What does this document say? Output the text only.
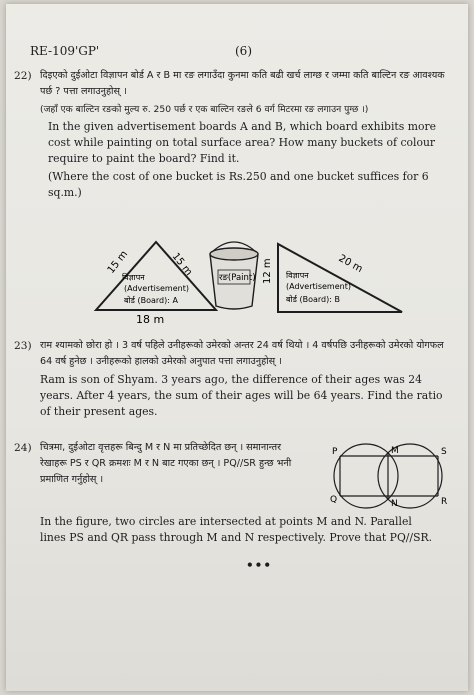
RE-109'GP'	(6)
22) दिइएको दुईओटा विज्ञापन बोर्ड A र B मा रङ लगाउँदा कुनमा कति बढी खर्च लाग्छ र जम्मा कति बाल्टिन रङ आवश्यक पर्छ ? पत्ता लगाउनुहोस् ।

(जहाँ एक बाल्टिन रङको मुल्य रु. 250 पर्छ र एक बाल्टिन रङले 6 वर्ग मिटरमा रङ लगाउन पुग्छ ।)

In the given advertisement boards A and B, which board exhibits more cost while painting on total surface area? How many buckets of colour require to paint the board? Find it.

(Where the cost of one bucket is Rs.250 and one bucket suffices for 6 sq.m.)

15 m	15 m
विज्ञापन
(Advertisement)
बोर्ड (Board): A
18 m
रङ(Paint) 12 m	20 m
विज्ञापन
(Advertisement)
बोर्ड (Board): B
23) राम श्यामको छोरा हो । 3 वर्ष पहिले उनीहरूको उमेरको अन्तर 24 वर्ष थियो । 4 वर्षपछि उनीहरूको उमेरको योगफल 64 वर्ष हुनेछ । उनीहरूको हालको उमेरको अनुपात पत्ता लगाउनुहोस् ।

Ram is son of Shyam. 3 years ago, the difference of their ages was 24 years. After 4 years, the sum of their ages will be 64 years. Find the ratio of their present ages.

24) चित्रमा, दुईओटा वृत्तहरू बिन्दु M र N मा प्रतिच्छेदित छन् । समानान्तर रेखाहरू PS र QR क्रमशः M र N बाट गएका छन् । PQ//SR हुन्छ भनी प्रमाणित गर्नुहोस् ।

In the figure, two circles are intersected at points M and N. Parallel lines PS and QR pass through M and N respectively. Prove that PQ//SR.

P	M	S
Q	N	R
•••
